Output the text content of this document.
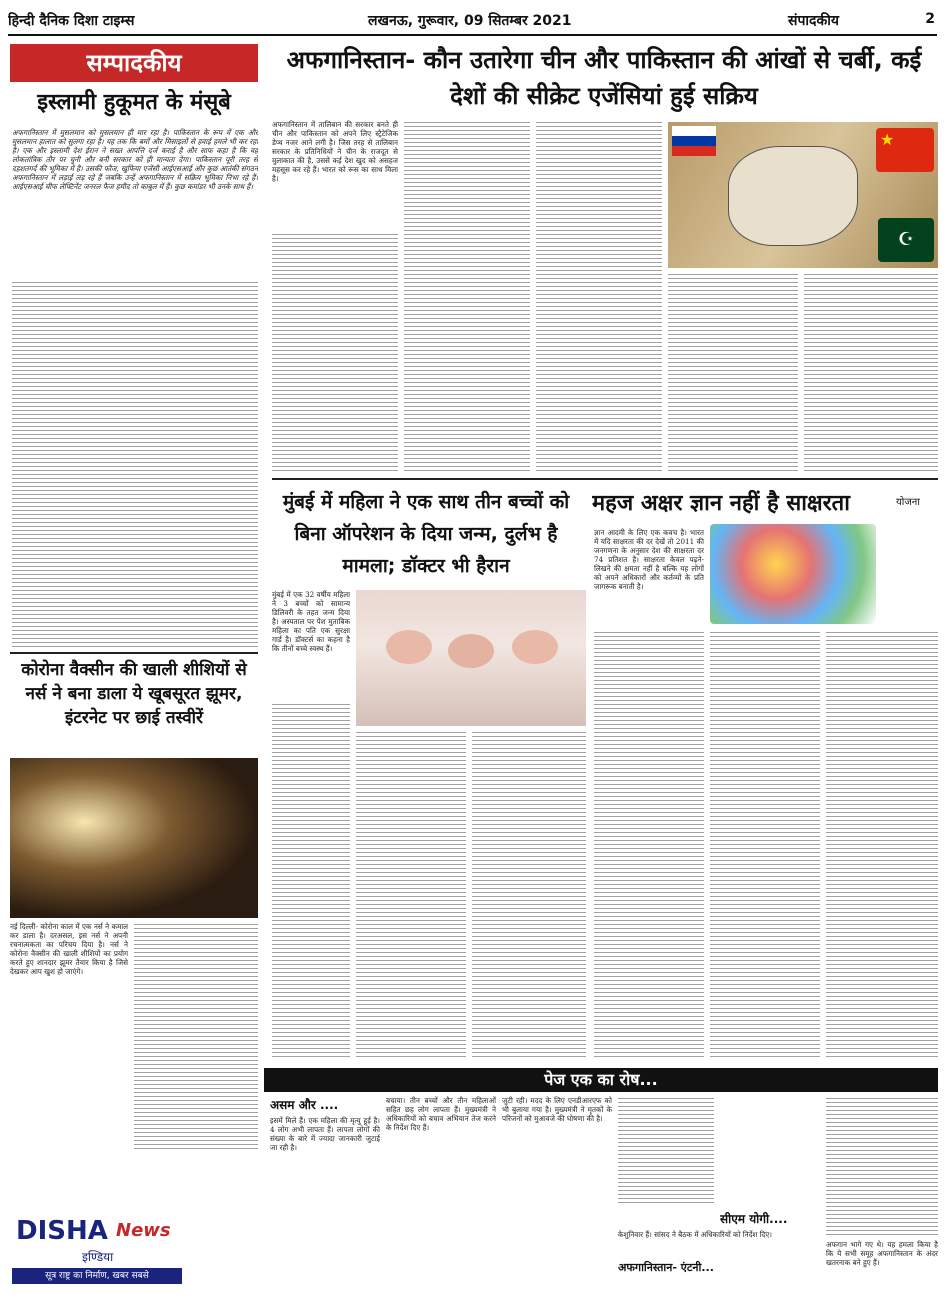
हिन्दी दैनिक दिशा टाइम्स	लखनऊ, गुरूवार, 09 सितम्बर 2021	संपादकीय	2
सम्पादकीय
इस्लामी हुकूमत के मंसूबे
अफगानिस्तान में मुसलमान को मुसलमान ही मार रहा है। पाकिस्तान के रूप में एक और मुसलमान हालात को सुलगा रहा है। यह तक कि बमों और मिसाइलों से हवाई हमले भी कर रहा है। एक और इस्लामी देश ईरान ने सख्त आपत्ति दर्ज कराई है और साफ कहा है कि वह लोकतांत्रिक तौर पर चुनी और बनी सरकार को ही मान्यता देगा। पाकिस्तान पूरी तरह से दहशतगर्द की भूमिका में है। उसकी फौज, खुफिया एजेंसी आईएसआई और कुछ आतंकी संगठन अफगानिस्तान में लड़ाई लड़ रहे हैं जबकि उन्हें अफगानिस्तान में सक्रिय भूमिका निभा रहे हैं। आईएसआई चीफ लेफ्टिनेंट जनरल फैज हमीद तो काबुल में हैं। कुछ कमांडर भी उनके साथ हैं।
कोरोना वैक्सीन की खाली शीशियों से नर्स ने बना डाला ये खूबसूरत झूमर, इंटरनेट पर छाई तस्वीरें
नई दिल्ली- कोरोना काल में एक नर्स ने कमाल कर डाला है। दरअसल, इस नर्स ने अपनी रचनात्मकता का परिचय दिया है। नर्स ने कोरोना वैक्सीन की खाली शीशियों का प्रयोग करते हुए शानदार झूमर तैयार किया है जिसे देखकर आप खुश हो जाएंगे।
DISHA News
इण्डिया
सूत्र राष्ट्र का निर्माण, खबर सबसे
अफगानिस्तान- कौन उतारेगा चीन और पाकिस्तान की आंखों से चर्बी, कई देशों की सीक्रेट एजेंसियां हुई सक्रिय
अफगानिस्तान में तालिबान की सरकार बनते ही चीन और पाकिस्तान को अपने लिए स्ट्रैटेजिक डेप्थ नजर आने लगी है। जिस तरह से तालिबान सरकार के प्रतिनिधियों ने चीन के राजदूत से मुलाकात की है, उससे कई देश खुद को असहज महसूस कर रहे हैं। भारत को रूस का साथ मिला है।
★
☪
मुंबई में महिला ने एक साथ तीन बच्चों को बिना ऑपरेशन के दिया जन्म, दुर्लभ है मामला; डॉक्टर भी हैरान
मुंबई में एक 32 वर्षीय महिला ने 3 बच्चों को सामान्य डिलिवरी के तहत जन्म दिया है। अस्पताल पर पेश मुताबिक महिला का पति एक सुरक्षा गार्ड है। डॉक्टर्स का कहना है कि तीनों बच्चे स्वस्थ हैं।
महज अक्षर ज्ञान नहीं है साक्षरता	योजना
ज्ञान आदमी के लिए एक कवच है। भारत में यदि साक्षरता की दर देखें तो 2011 की जनगणना के अनुसार देश की साक्षरता दर 74 प्रतिशत है। साक्षरता केवल पढ़ने-लिखने की क्षमता नहीं है बल्कि यह लोगों को अपने अधिकारों और कर्तव्यों के प्रति जागरूक बनाती है।
पेज एक का रोष...
असम और ....
इसमें मिले हैं। एक महिला की मृत्यु हुई है। 4 लोग अभी लापता हैं। लापता लोगों की संख्या के बारे में ज्यादा जानकारी जुटाई जा रही है।
बचाया। तीन बच्चों और तीन महिलाओं सहित छह लोग लापता हैं। मुख्यमंत्री ने अधिकारियों को बचाव अभियान तेज करने के निर्देश दिए हैं।
जुटी रही। मदद के लिए एनडीआरएफ को भी बुलाया गया है। मुख्यमंत्री ने मृतकों के परिजनों को मुआवजे की घोषणा की है।
सीएम योगी....
केशुनिवार हैं। सांसद ने बैठक में अधिकारियों को निर्देश दिए।
अफगानिस्तान- एंटनी...
अफगान भागे गए थे। यह हमला किया है कि ये सभी समूह अफगानिस्तान के अंदर खतरनाक बने हुए हैं।
